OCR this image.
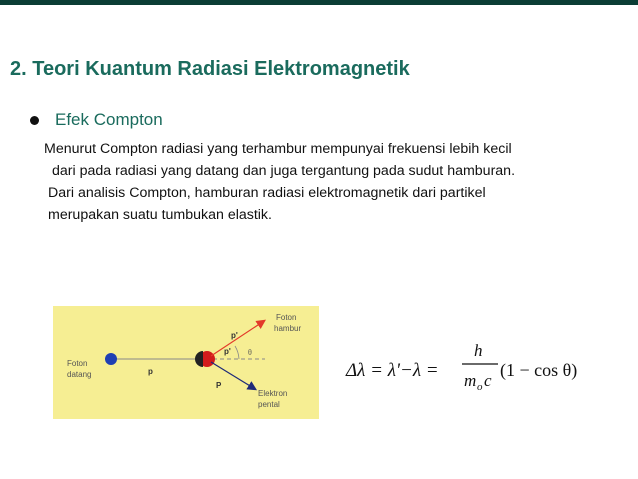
2. Teori Kuantum Radiasi Elektromagnetik
Efek Compton
Menurut Compton radiasi yang terhambur mempunyai frekuensi lebih kecil
dari pada radiasi yang datang dan juga tergantung pada sudut hamburan.
Dari analisis Compton, hamburan radiasi elektromagnetik dari partikel
merupakan suatu tumbukan elastik.
Foton
datang	p
p'
p'
P
θ
Foton
hambur
Elektron
pental
Δλ = λ'−λ =
h
m o c
(1 − cos θ)
